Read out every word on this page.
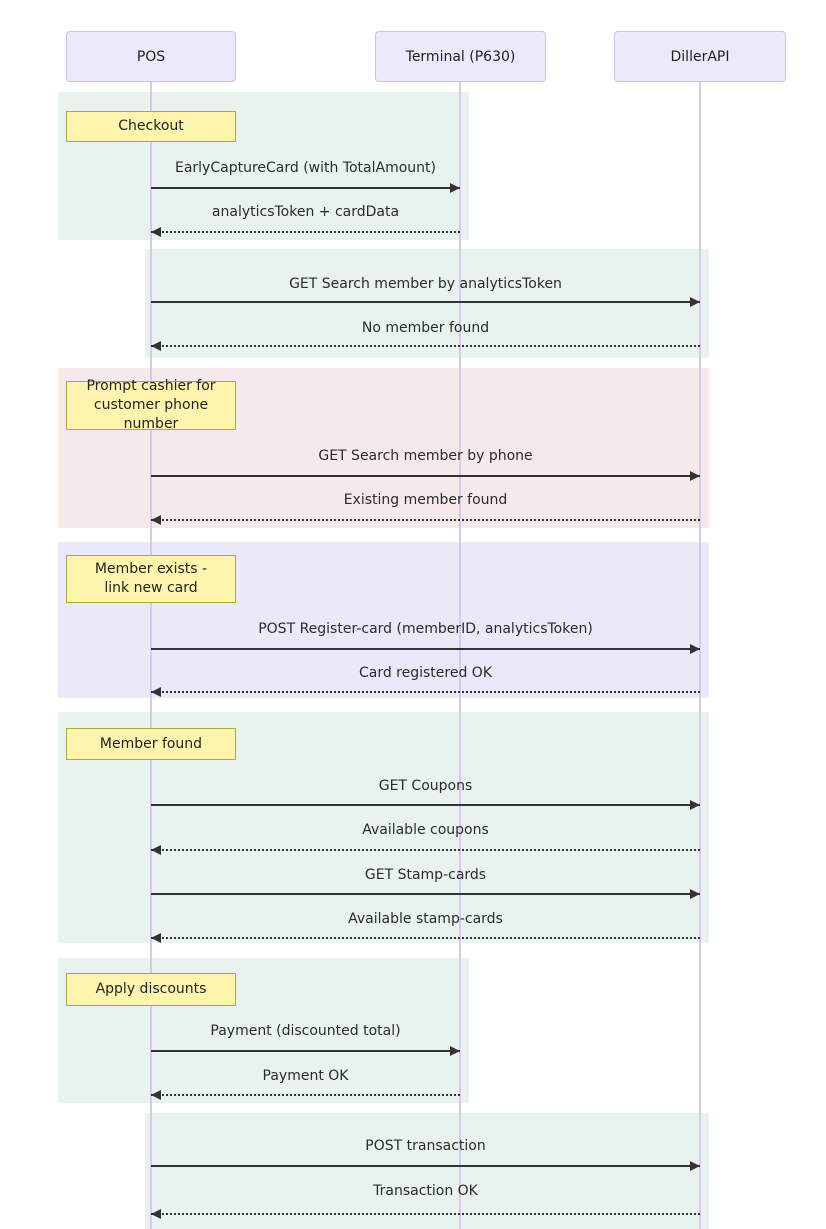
POS	Terminal (P630)	DillerAPI
Checkout
Prompt cashier for
customer phone number
Member exists -
link new card
Member found
Apply discounts
EarlyCaptureCard (with TotalAmount)
analyticsToken + cardData
GET Search member by analyticsToken
No member found
GET Search member by phone
Existing member found
POST Register-card (memberID, analyticsToken)
Card registered OK
GET Coupons
Available coupons
GET Stamp-cards
Available stamp-cards
Payment (discounted total)
Payment OK
POST transaction
Transaction OK
